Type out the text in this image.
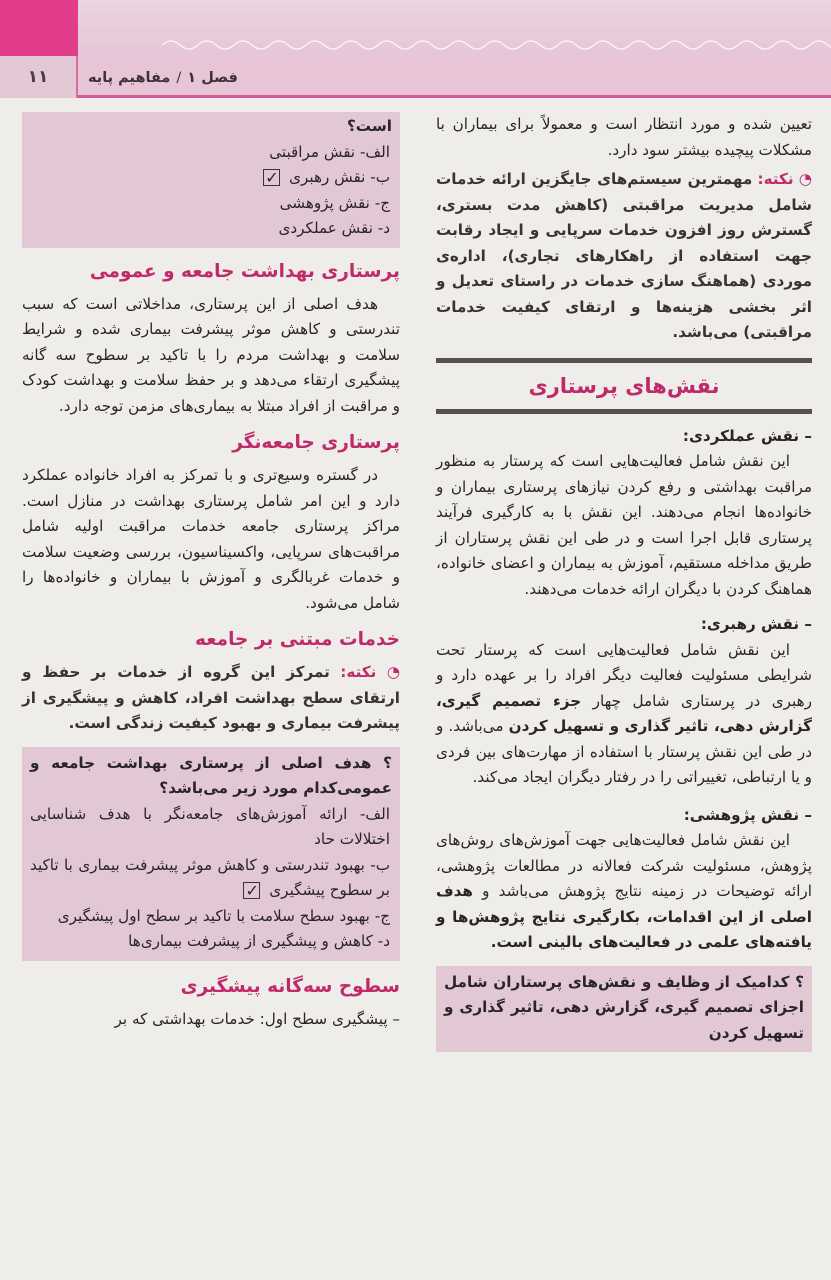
۱۱	فصل ۱
/
مفاهیم پایه

تعیین شده و مورد انتظار است و معمولاً برای بیماران با مشکلات پیچیده بیشتر سود دارد.

◔ نکته: مهمترین سیستم‌های جایگزین ارائه خدمات شامل مدیریت مراقبتی (کاهش مدت بستری، گسترش روز افزون خدمات سرپایی و ایجاد رقابت جهت استفاده از راهکارهای تجاری)، اداره‌ی موردی (هماهنگ سازی خدمات در راستای تعدیل و اثر بخشی هزینه‌ها و ارتقای کیفیت خدمات مراقبتی) می‌باشد.

نقش‌های پرستاری

– نقش عملکردی:

این نقش شامل فعالیت‌هایی است که پرستار به منظور مراقبت بهداشتی و رفع کردن نیازهای پرستاری بیماران و خانواده‌ها انجام می‌دهند. این نقش با به کارگیری فرآیند پرستاری قابل اجرا است و در طی این نقش پرستاران از طریق مداخله مستقیم، آموزش به بیماران و اعضای خانواده، هماهنگ کردن با دیگران ارائه خدمات می‌دهند.

– نقش رهبری:

این نقش شامل فعالیت‌هایی است که پرستار تحت شرایطی مسئولیت فعالیت دیگر افراد را بر عهده دارد و رهبری در پرستاری شامل چهار جزء تصمیم گیری، گزارش دهی، تاثیر گذاری و تسهیل کردن می‌باشد. و در طی این نقش پرستار با استفاده از مهارت‌های بین فردی و یا ارتباطی، تغییراتی را در رفتار دیگران ایجاد می‌کند.

– نقش پژوهشی:

این نقش شامل فعالیت‌هایی جهت آموزش‌های روش‌های پژوهش، مسئولیت شرکت فعالانه در مطالعات پژوهشی، ارائه توضیحات در زمینه نتایج پژوهش می‌باشد و هدف اصلی از این اقدامات، بکارگیری نتایج پژوهش‌ها و یافته‌های علمی در فعالیت‌های بالینی است.

؟ کدامیک از وظایف و نقش‌های پرستاران شامل اجزای تصمیم گیری، گزارش دهی، تاثیر گذاری و تسهیل کردن

است؟

الف- نقش مراقبتی

ب- نقش رهبری ✓

ج- نقش پژوهشی

د- نقش عملکردی

پرستاری بهداشت جامعه و عمومی

هدف اصلی از این پرستاری، مداخلاتی است که سبب تندرستی و کاهش موثر پیشرفت بیماری شده و شرایط سلامت و بهداشت مردم را با تاکید بر سطوح سه گانه پیشگیری ارتقاء می‌دهد و بر حفظ سلامت و بهداشت کودک و مراقبت از افراد مبتلا به بیماری‌های مزمن توجه دارد.

پرستاری جامعه‌نگر

در گستره وسیع‌تری و با تمرکز به افراد خانواده عملکرد دارد و این امر شامل پرستاری بهداشت در منازل است. مراکز پرستاری جامعه خدمات مراقبت اولیه شامل مراقبت‌های سرپایی، واکسیناسیون، بررسی وضعیت سلامت و خدمات غربالگری و آموزش با بیماران و خانواده‌ها را شامل می‌شود.

خدمات مبتنی بر جامعه

◔ نکته: تمرکز این گروه از خدمات بر حفظ و ارتقای سطح بهداشت افراد، کاهش و پیشگیری از پیشرفت بیماری و بهبود کیفیت زندگی است.

؟ هدف اصلی از پرستاری بهداشت جامعه و عمومی‌کدام مورد زیر می‌باشد؟

الف- ارائه آموزش‌های جامعه‌نگر با هدف شناسایی اختلالات حاد

ب- بهبود تندرستی و کاهش موثر پیشرفت بیماری با تاکید بر سطوح پیشگیری ✓

ج- بهبود سطح سلامت با تاکید بر سطح اول پیشگیری

د- کاهش و پیشگیری از پیشرفت بیماری‌ها

سطوح سه‌گانه پیشگیری

– پیشگیری سطح اول: خدمات بهداشتی که بر
